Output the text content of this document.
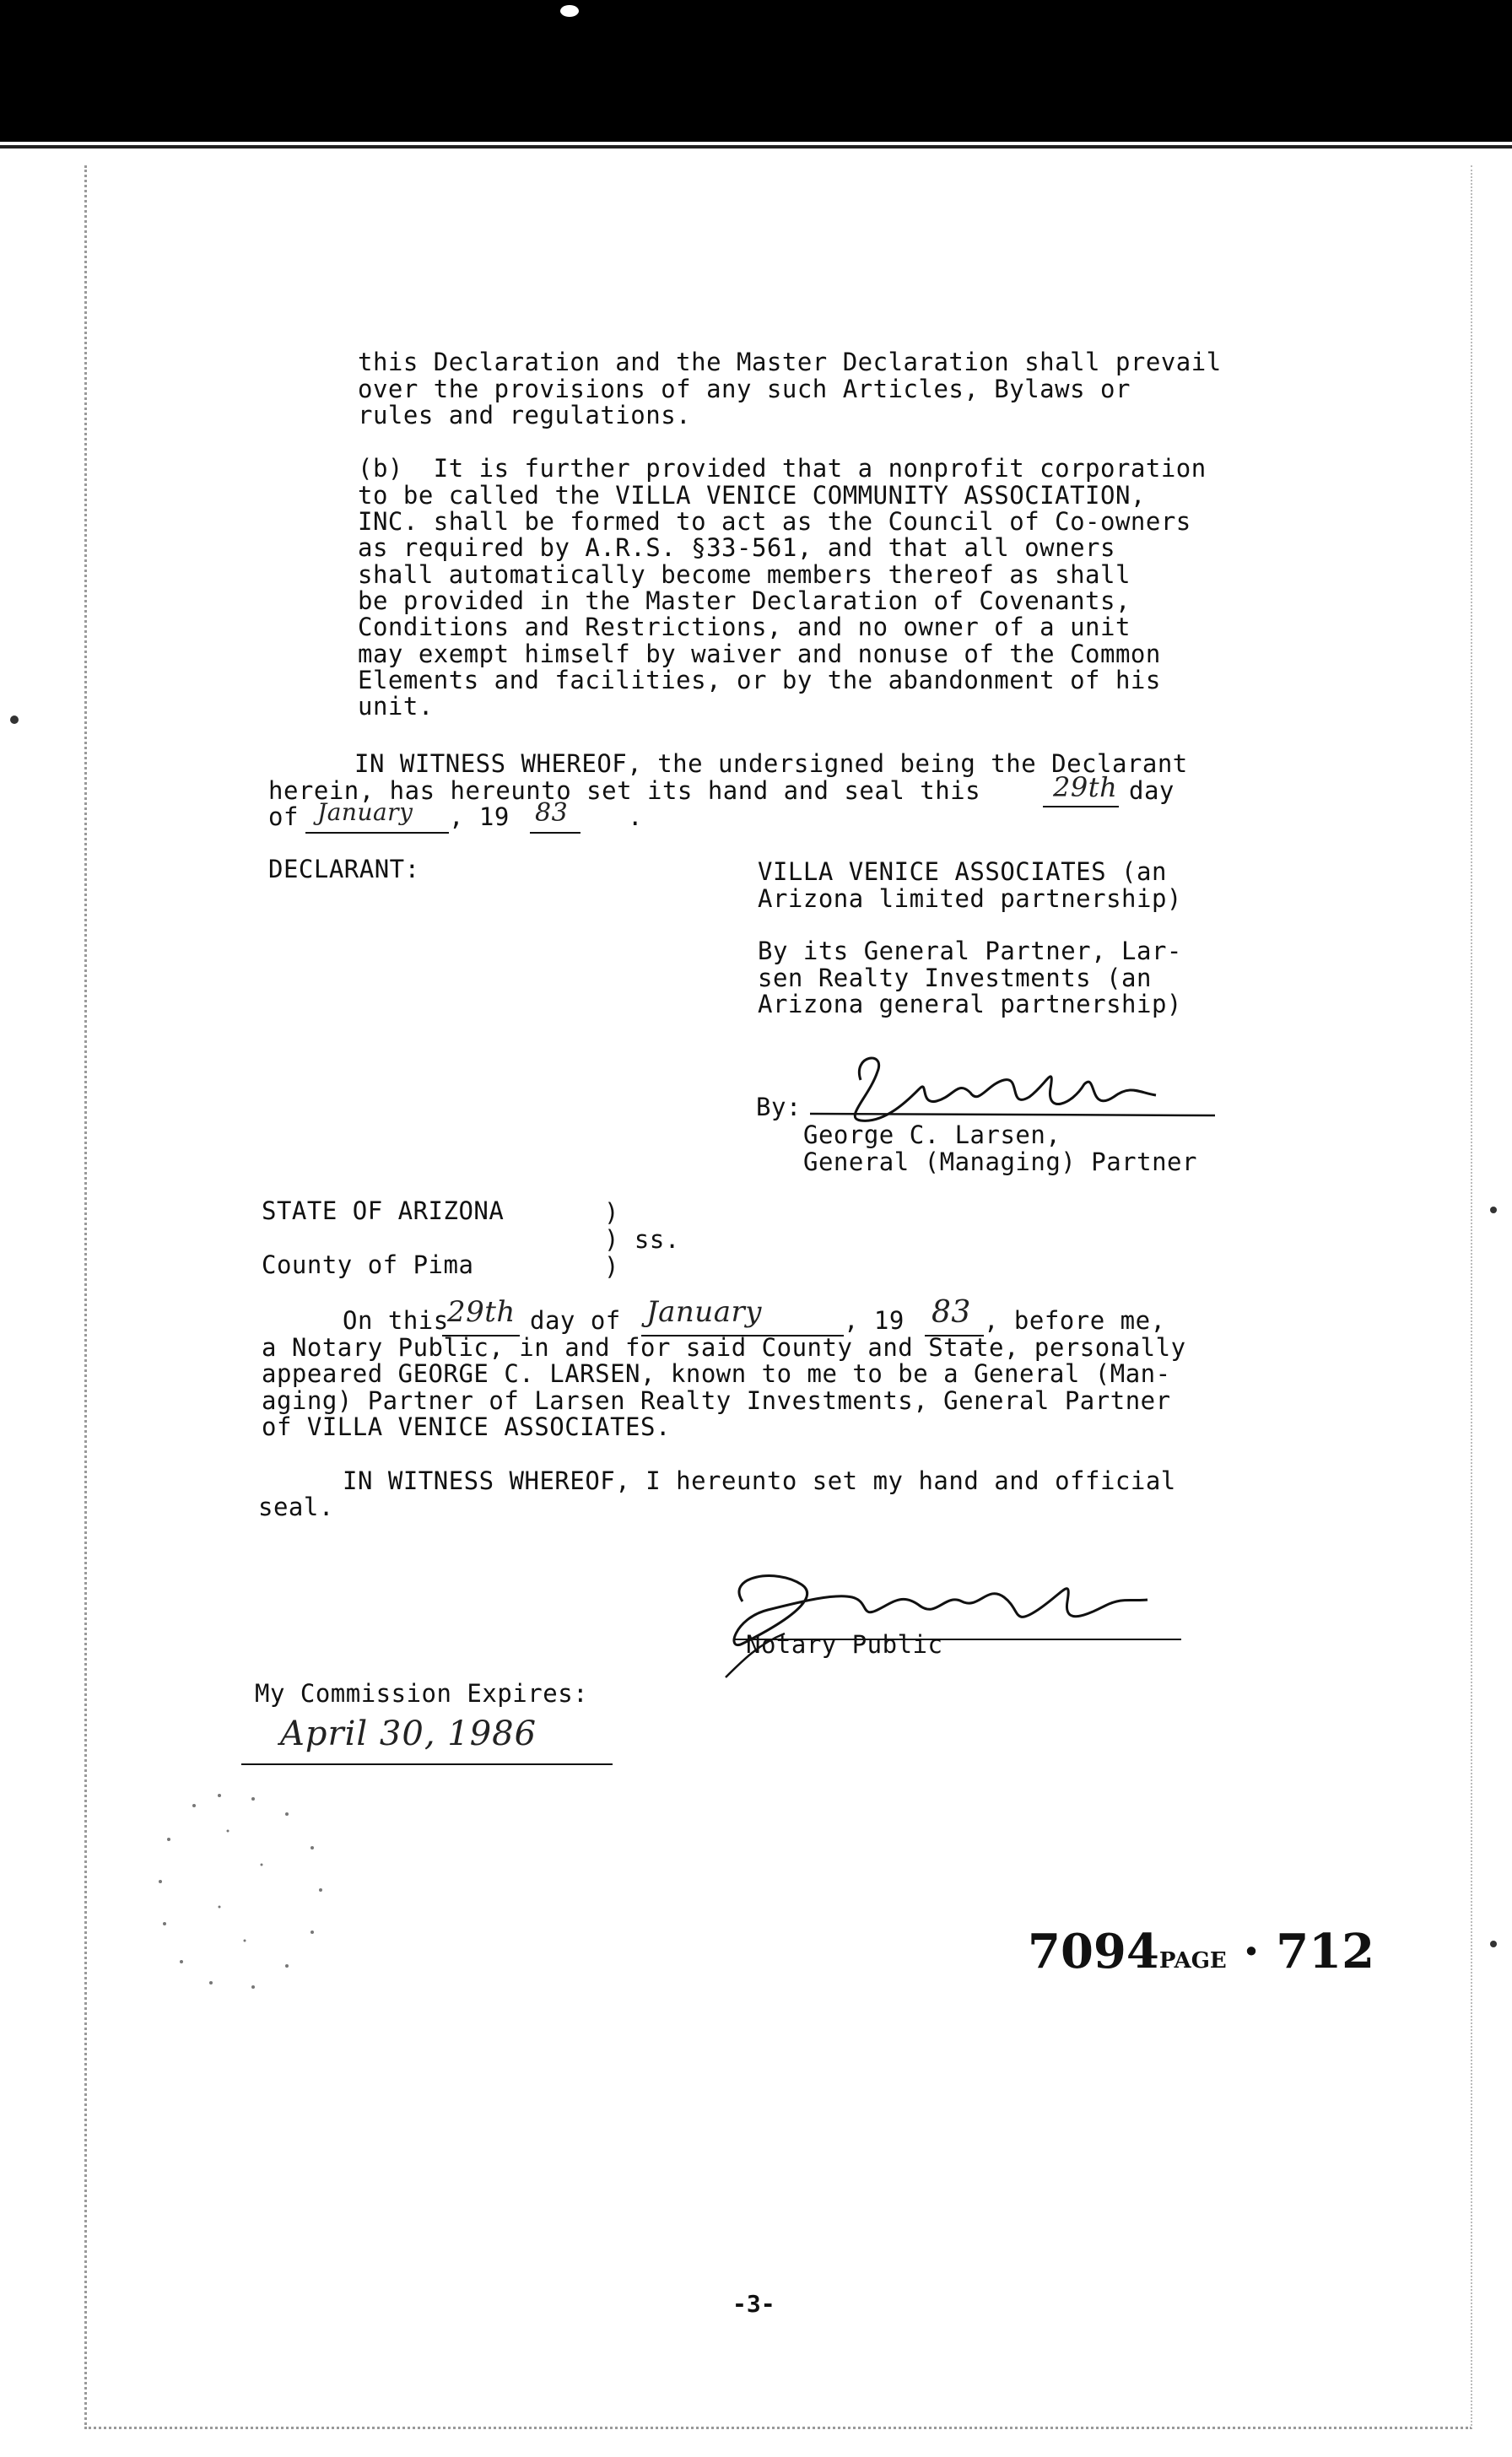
this Declaration and the Master Declaration shall prevail
over the provisions of any such Articles, Bylaws or
rules and regulations.
(b)  It is further provided that a nonprofit corporation
to be called the VILLA VENICE COMMUNITY ASSOCIATION,
INC. shall be formed to act as the Council of Co-owners
as required by A.R.S. §33-561, and that all owners
shall automatically become members thereof as shall
be provided in the Master Declaration of Covenants,
Conditions and Restrictions, and no owner of a unit
may exempt himself by waiver and nonuse of the Common
Elements and facilities, or by the abandonment of his
unit.
IN WITNESS WHEREOF, the undersigned being the Declarant
herein, has hereunto set its hand and seal this	29th day
of January , 19 83 .
DECLARANT:	VILLA VENICE ASSOCIATES (an
Arizona limited partnership)
By its General Partner, Lar-
sen Realty Investments (an
Arizona general partnership)
By:
George C. Larsen,
General (Managing) Partner
STATE OF ARIZONA	)
) ss.
County of Pima	)
On this
29th day of January	, 19 83 , before me,
a Notary Public, in and for said County and State, personally
appeared GEORGE C. LARSEN, known to me to be a General (Man-
aging) Partner of Larsen Realty Investments, General Partner
of VILLA VENICE ASSOCIATES.
IN WITNESS WHEREOF, I hereunto set my hand and official
seal.
Notary Public
My Commission Expires:
April 30, 1986
7094PAGE · 712
-3-
